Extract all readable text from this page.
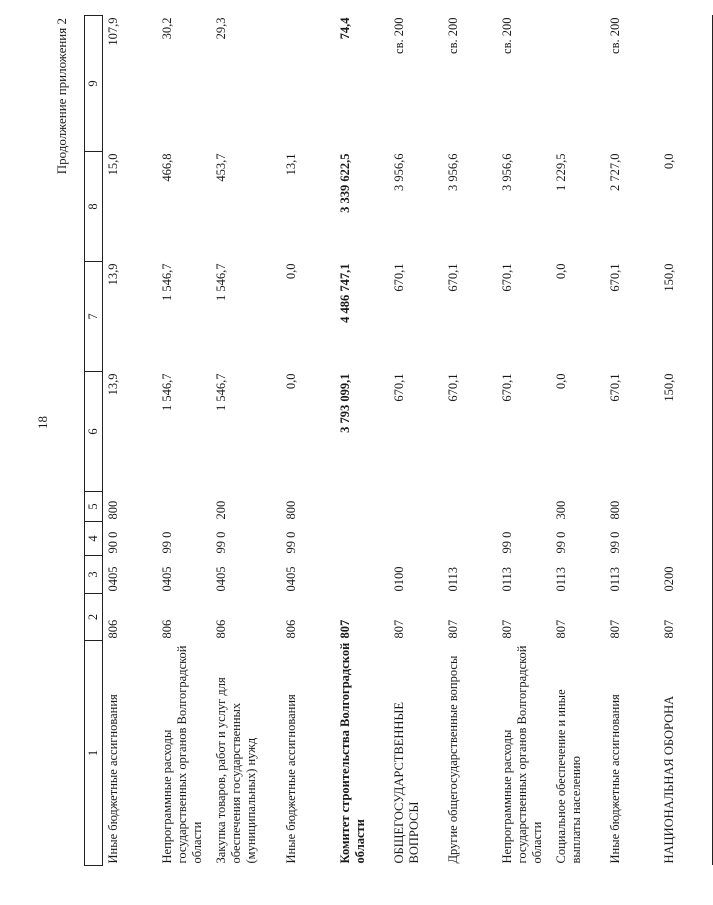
18
Продолжение приложения 2
1	2	3	4	5	6	7	8	9
Иные бюджетные ассигнования	806	0405	90 0	800	13,9	13,9	15,0	107,9
Непрограммные расходы государственных органов Волгоградской области	806	0405	99 0		1 546,7	1 546,7	466,8	30,2
Закупка товаров, работ и услуг для обеспечения государственных (муниципальных) нужд	806	0405	99 0	200	1 546,7	1 546,7	453,7	29,3
Иные бюджетные ассигнования	806	0405	99 0	800	0,0	0,0	13,1	
Комитет строительства Волгоградской области	807				3 793 099,1	4 486 747,1	3 339 622,5	74,4
ОБЩЕГОСУДАРСТВЕННЫЕ ВОПРОСЫ	807	0100			670,1	670,1	3 956,6	св. 200
Другие общегосударственные вопросы	807	0113			670,1	670,1	3 956,6	св. 200
Непрограммные расходы государственных органов Волгоградской области	807	0113	99 0		670,1	670,1	3 956,6	св. 200
Социальное обеспечение и иные выплаты населению	807	0113	99 0	300	0,0	0,0	1 229,5	
Иные бюджетные ассигнования	807	0113	99 0	800	670,1	670,1	2 727,0	св. 200
НАЦИОНАЛЬНАЯ ОБОРОНА	807	0200			150,0	150,0	0,0	
